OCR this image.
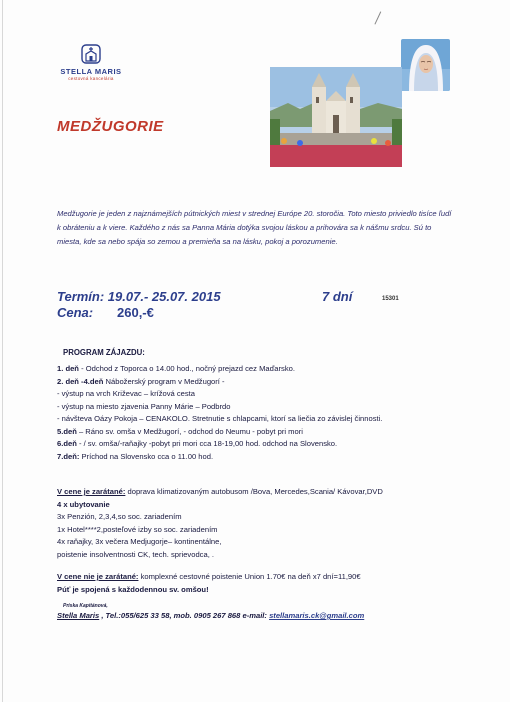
STELLA MARIS
cestovná kancelária
MEDŽUGORIE
Medžugorie je jeden z najznámejších pútnických miest v strednej Európe 20. storočia. Toto miesto priviedlo tisíce ľudí k obráteniu a k viere. Každého z nás sa Panna Mária dotýka svojou láskou a prihovára sa k nášmu srdcu. Sú to miesta, kde sa nebo spája so zemou a premieňa sa na lásku, pokoj a porozumenie.
Termín: 19.07.- 25.07. 2015	7 dní	15301
Cena: 260,-€
PROGRAM ZÁJAZDU:
1. deň - Odchod z Toporca o 14.00 hod., nočný prejazd cez Maďarsko.
2. deň -4.deň Nábožerský program v Medžugorí -
- výstup na vrch Križevac – krížová cesta
- výstup na miesto zjavenia Panny Márie – Podbrdo
- návšteva Oázy Pokoja – CENAKOLO. Stretnutie s chlapcami, ktorí sa liečia zo závislej činnosti.
5.deň – Ráno sv. omša v Medžugorí, - odchod do Neumu - pobyt pri mori
6.deň - / sv. omša/-raňajky -pobyt pri mori cca 18-19,00 hod. odchod na Slovensko.
7.deň: Príchod na Slovensko cca o 11.00 hod.
V cene je zarátané: doprava klimatizovaným autobusom /Bova, Mercedes,Scania/ Kávovar,DVD
4 x ubytovanie
3x Penzión, 2,3,4,so soc. zariadením
1x Hotel****2,posteľové izby so soc. zariadením
4x raňajky, 3x večera Medjugorje– kontinentálne,
poistenie insolventnosti CK, tech. sprievodca, .
V cene nie je zarátané: komplexné cestovné poistenie Union 1.70€ na deň x7 dní=11,90€
Púť je spojená s každodennou sv. omšou!
Priska Kapitánová,
Stella Maris , Tel.:055/625 33 58, mob. 0905 267 868 e-mail: stellamaris.ck@gmail.com
